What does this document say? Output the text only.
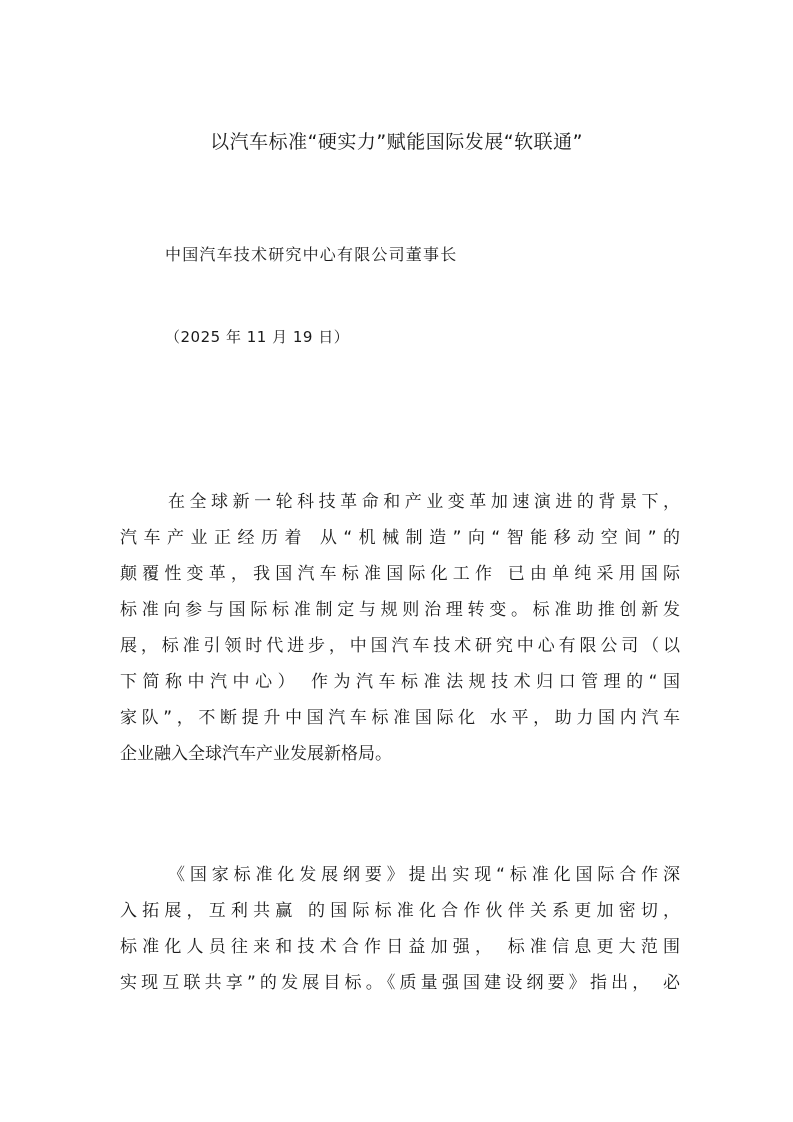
以汽车标准“硬实力”赋能国际发展“软联通”
中国汽车技术研究中心有限公司董事长
（2025 年 11 月 19 日）
在全球新一轮科技革命和产业变革加速演进的背景下，
汽车产业正经历着 从“机械制造”向“智能移动空间”的
颠覆性变革，我国汽车标准国际化工作 已由单纯采用国际
标准向参与国际标准制定与规则治理转变。标准助推创新发
展，标准引领时代进步，中国汽车技术研究中心有限公司（以
下简称中汽中心） 作为汽车标准法规技术归口管理的“国
家队”，不断提升中国汽车标准国际化 水平，助力国内汽车
企业融入全球汽车产业发展新格局。
《国家标准化发展纲要》提出实现“标准化国际合作深
入拓展，互利共赢 的国际标准化合作伙伴关系更加密切，
标准化人员往来和技术合作日益加强， 标准信息更大范围
实现互联共享”的发展目标。《质量强国建设纲要》指出， 必
